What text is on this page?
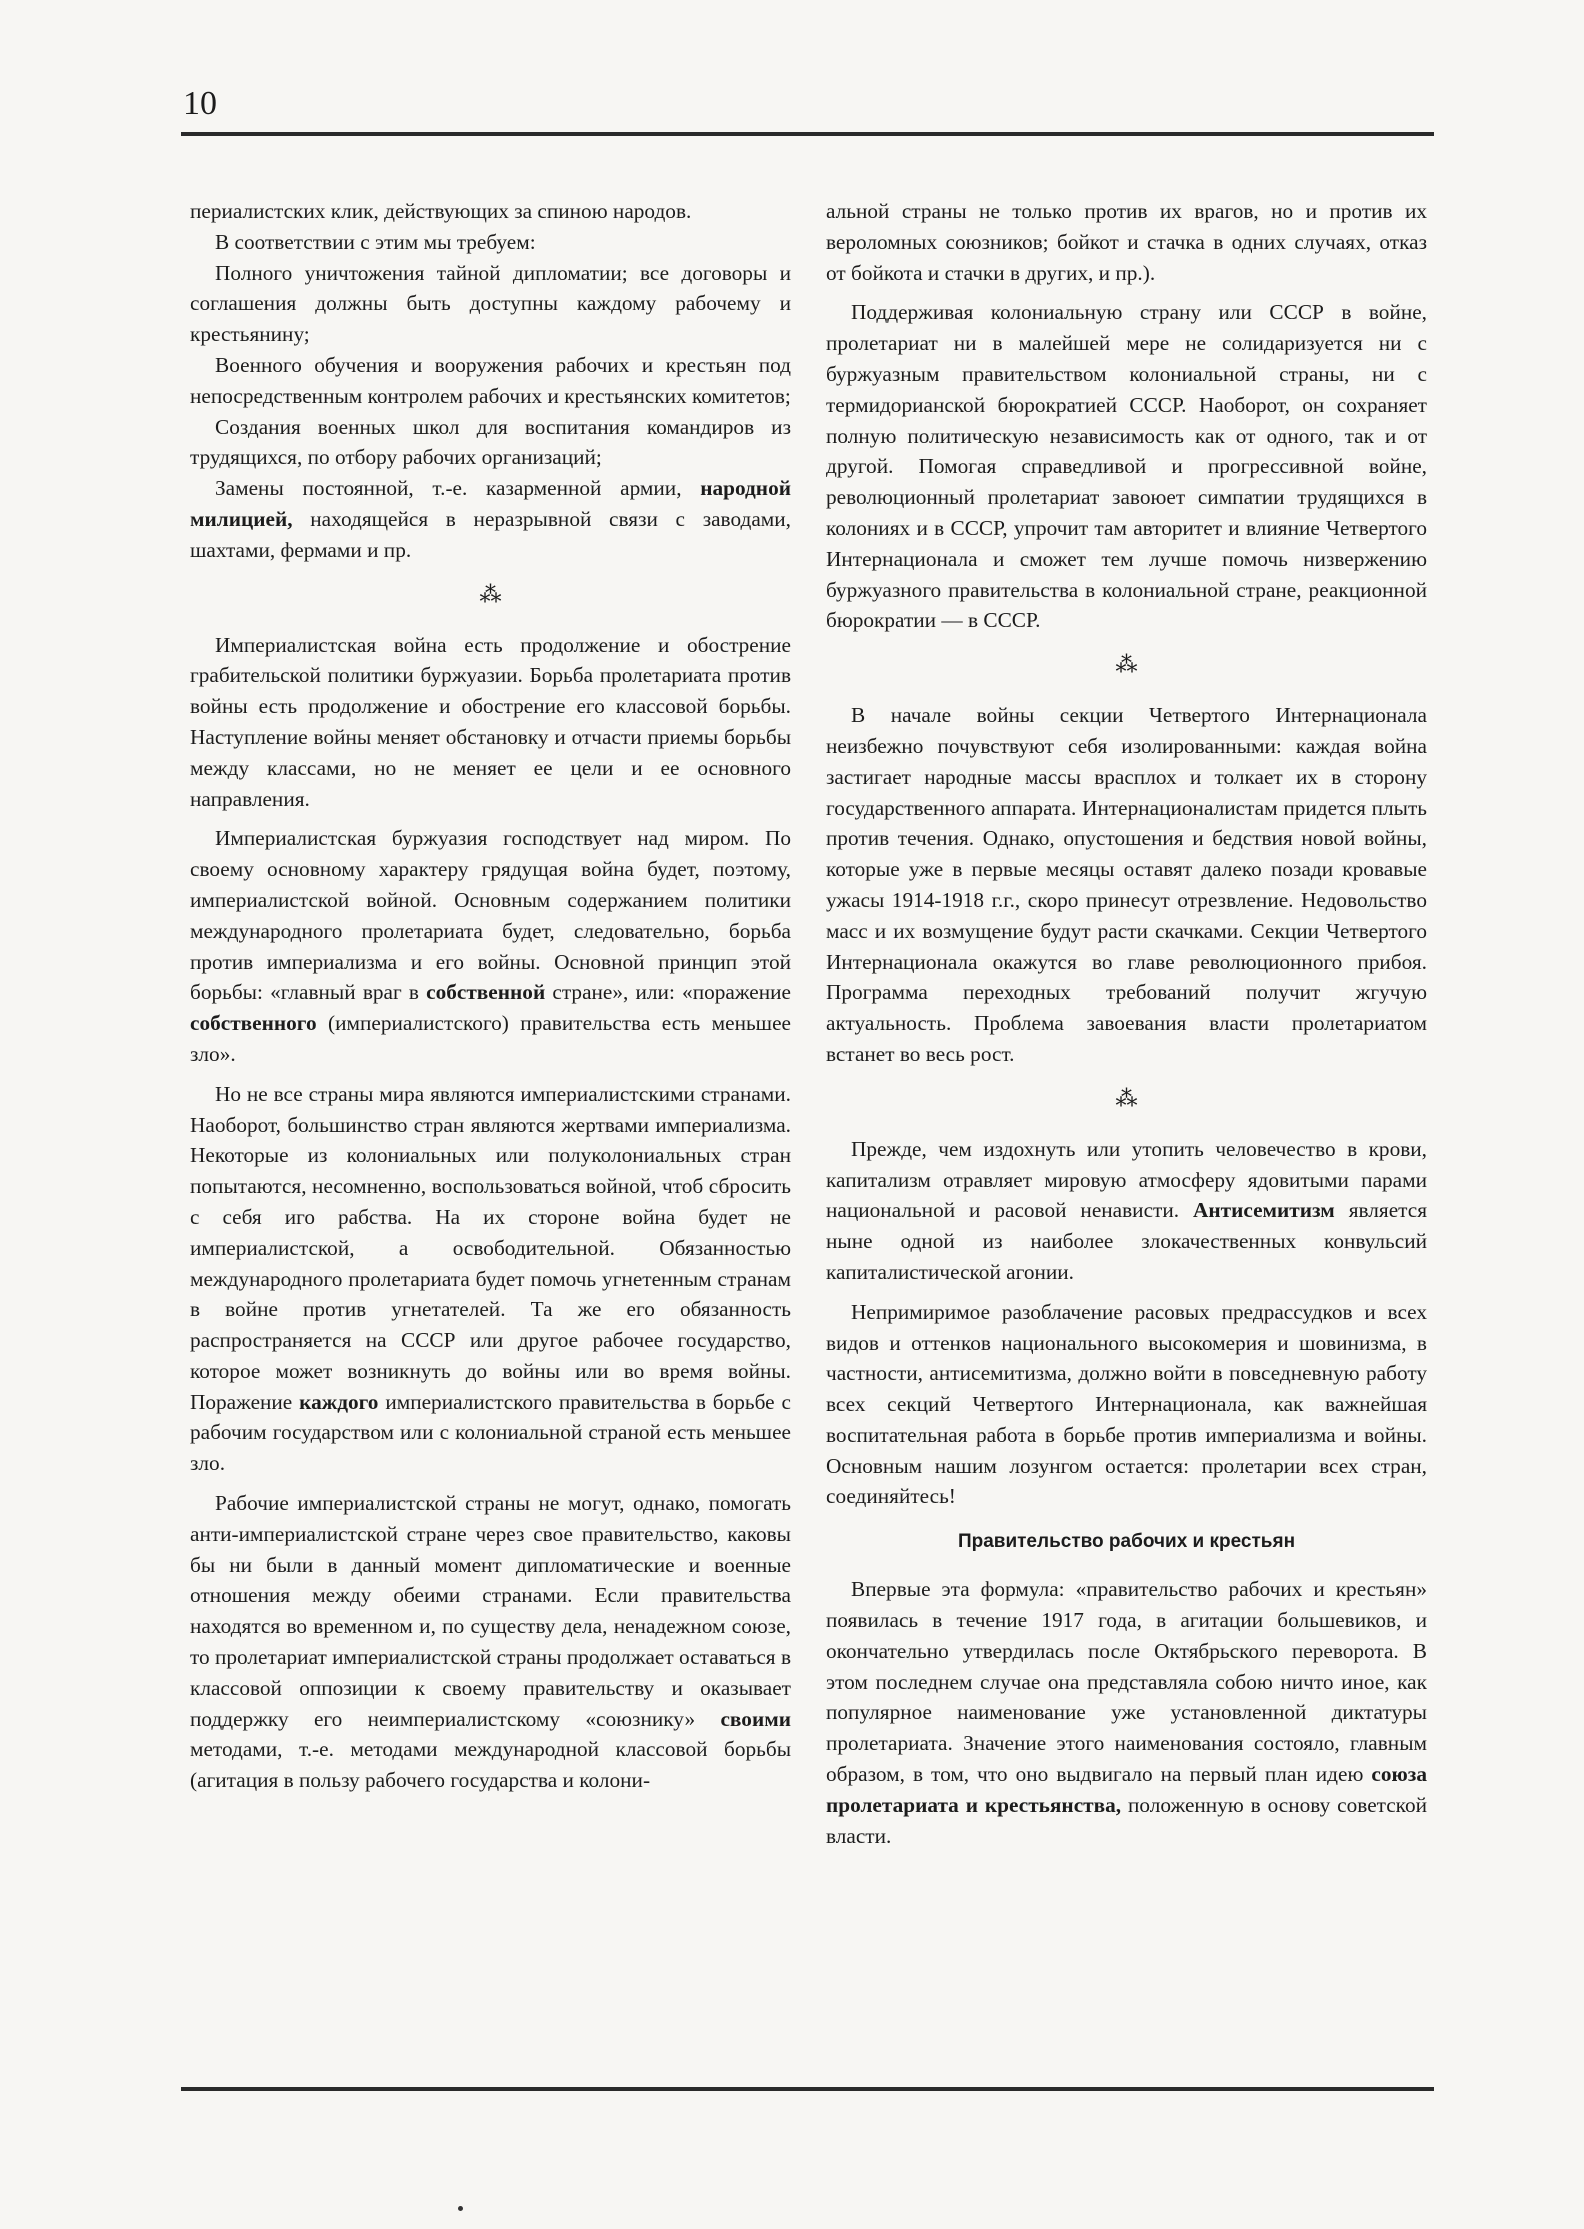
10

периалистских клик, действующих за спиною народов.

В соответствии с этим мы требуем:

Полного уничтожения тайной дипломатии; все договоры и соглашения должны быть доступны каждому рабочему и крестьянину;

Военного обучения и вооружения рабочих и крестьян под непосредственным контролем рабочих и крестьянских комитетов;

Создания военных школ для воспитания командиров из трудящихся, по отбору рабочих организаций;

Замены постоянной, т.-е. казарменной армии, народной милицией, находящейся в неразрывной связи с заводами, шахтами, фермами и пр.

⁂

Империалистская война есть продолжение и обострение грабительской политики буржуазии. Борьба пролетариата против войны есть продолжение и обострение его классовой борьбы. Наступление войны меняет обстановку и отчасти приемы борьбы между классами, но не меняет ее цели и ее основного направления.

Империалистская буржуазия господствует над миром. По своему основному характеру грядущая война будет, поэтому, империалистской войной. Основным содержанием политики международного пролетариата будет, следовательно, борьба против империализма и его войны. Основной принцип этой борьбы: «главный враг в собственной стране», или: «поражение собственного (империалистского) правительства есть меньшее зло».

Но не все страны мира являются империалистскими странами. Наоборот, большинство стран являются жертвами империализма. Некоторые из колониальных или полуколониальных стран попытаются, несомненно, воспользоваться войной, чтоб сбросить с себя иго рабства. На их стороне война будет не империалистской, а освободительной. Обязанностью международного пролетариата будет помочь угнетенным странам в войне против угнетателей. Та же его обязанность распространяется на СССР или другое рабочее государство, которое может возникнуть до войны или во время войны. Поражение каждого империалистского правительства в борьбе с рабочим государством или с колониальной страной есть меньшее зло.

Рабочие империалистской страны не могут, однако, помогать анти-империалистской стране через свое правительство, каковы бы ни были в данный момент дипломатические и военные отношения между обеими странами. Если правительства находятся во временном и, по существу дела, ненадежном союзе, то пролетариат империалистской страны продолжает оставаться в классовой оппозиции к своему правительству и оказывает поддержку его неимпериалистскому «союзнику» своими методами, т.-е. методами международной классовой борьбы (агитация в пользу рабочего государства и колони-

альной страны не только против их врагов, но и против их вероломных союзников; бойкот и стачка в одних случаях, отказ от бойкота и стачки в других, и пр.).

Поддерживая колониальную страну или СССР в войне, пролетариат ни в малейшей мере не солидаризуется ни с буржуазным правительством колониальной страны, ни с термидорианской бюрократией СССР. Наоборот, он сохраняет полную политическую независимость как от одного, так и от другой. Помогая справедливой и прогрессивной войне, революционный пролетариат завоюет симпатии трудящихся в колониях и в СССР, упрочит там авторитет и влияние Четвертого Интернационала и сможет тем лучше помочь низвержению буржуазного правительства в колониальной стране, реакционной бюрократии — в СССР.

⁂

В начале войны секции Четвертого Интернационала неизбежно почувствуют себя изолированными: каждая война застигает народные массы врасплох и толкает их в сторону государственного аппарата. Интернационалистам придется плыть против течения. Однако, опустошения и бедствия новой войны, которые уже в первые месяцы оставят далеко позади кровавые ужасы 1914-1918 г.г., скоро принесут отрезвление. Недовольство масс и их возмущение будут расти скачками. Секции Четвертого Интернационала окажутся во главе революционного прибоя. Программа переходных требований получит жгучую актуальность. Проблема завоевания власти пролетариатом встанет во весь рост.

⁂

Прежде, чем издохнуть или утопить человечество в крови, капитализм отравляет мировую атмосферу ядовитыми парами национальной и расовой ненависти. Антисемитизм является ныне одной из наиболее злокачественных конвульсий капиталистической агонии.

Непримиримое разоблачение расовых предрассудков и всех видов и оттенков национального высокомерия и шовинизма, в частности, антисемитизма, должно войти в повседневную работу всех секций Четвертого Интернационала, как важнейшая воспитательная работа в борьбе против империализма и войны. Основным нашим лозунгом остается: пролетарии всех стран, соединяйтесь!

Правительство рабочих и крестьян

Впервые эта формула: «правительство рабочих и крестьян» появилась в течение 1917 года, в агитации большевиков, и окончательно утвердилась после Октябрьского переворота. В этом последнем случае она представляла собою ничто иное, как популярное наименование уже установленной диктатуры пролетариата. Значение этого наименования состояло, главным образом, в том, что оно выдвигало на первый план идею союза пролетариата и крестьянства, положенную в основу советской власти.
